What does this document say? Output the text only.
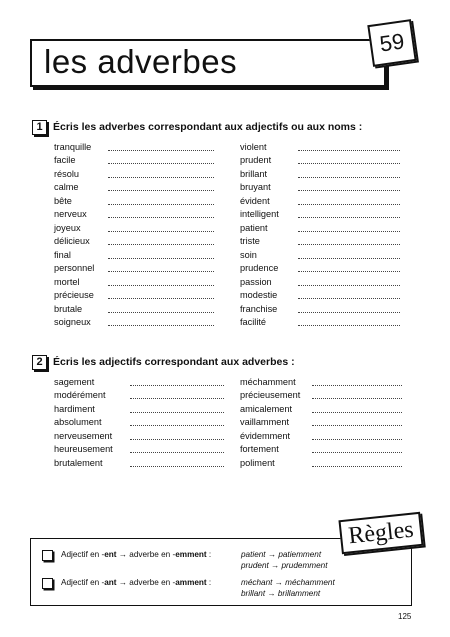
les adverbes
59
1 Écris les adverbes correspondant aux adjectifs ou aux noms :
tranquille
facile
résolu
calme
bête
nerveux
joyeux
délicieux
final
personnel
mortel
précieuse
brutale
soigneux
violent
prudent
brillant
bruyant
évident
intelligent
patient
triste
soin
prudence
passion
modestie
franchise
facilité
2 Écris les adjectifs correspondant aux adverbes :
sagement
modérément
hardiment
absolument
nerveusement
heureusement
brutalement
méchamment
précieusement
amicalement
vaillamment
évidemment
fortement
poliment
Règles
Adjectif en -ent → adverbe en -emment :	patient → patiemment
prudent → prudemment
Adjectif en -ant → adverbe en -amment :	méchant → méchamment
brillant → brillamment
125
